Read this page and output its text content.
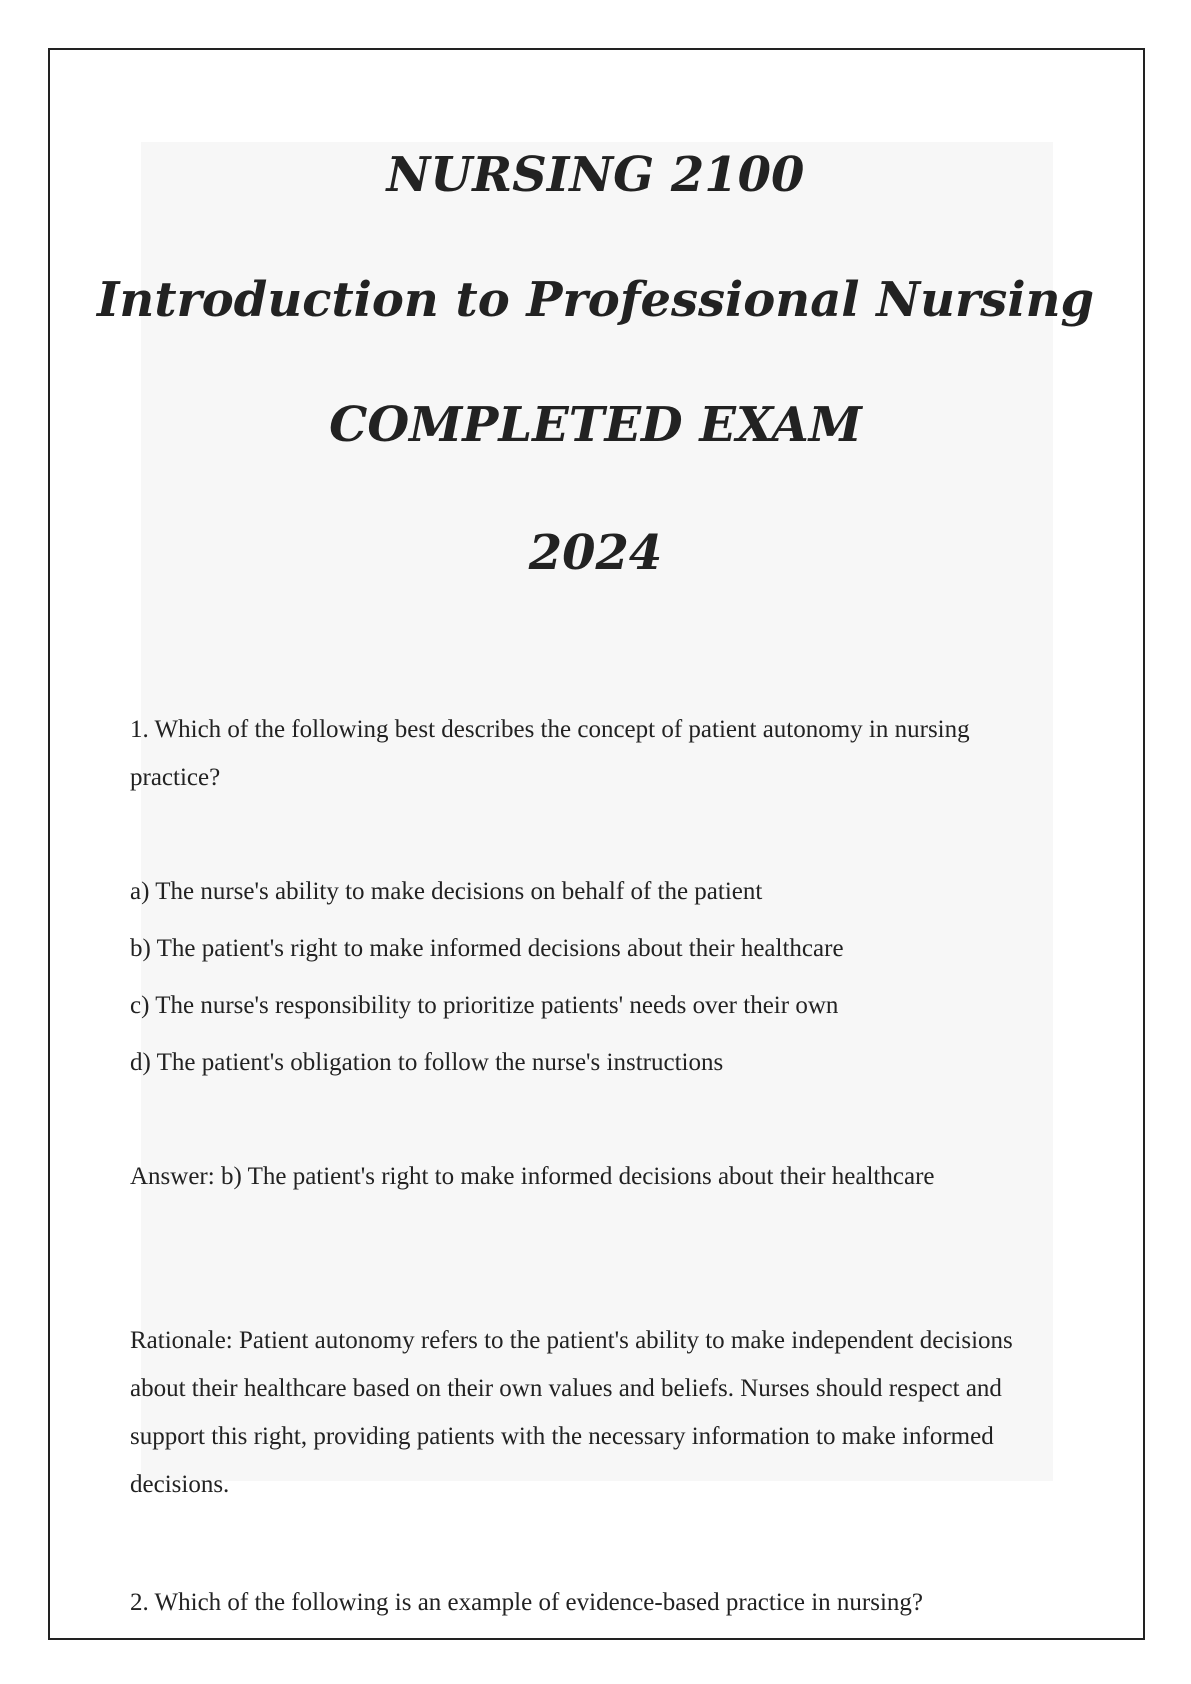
NURSING 2100
Introduction to Professional Nursing
COMPLETED EXAM
2024

1. Which of the following best describes the concept of patient autonomy in nursing practice?

a) The nurse's ability to make decisions on behalf of the patient

b) The patient's right to make informed decisions about their healthcare

c) The nurse's responsibility to prioritize patients' needs over their own

d) The patient's obligation to follow the nurse's instructions

Answer: b) The patient's right to make informed decisions about their healthcare

Rationale: Patient autonomy refers to the patient's ability to make independent decisions about their healthcare based on their own values and beliefs. Nurses should respect and support this right, providing patients with the necessary information to make informed decisions.

2. Which of the following is an example of evidence-based practice in nursing?
